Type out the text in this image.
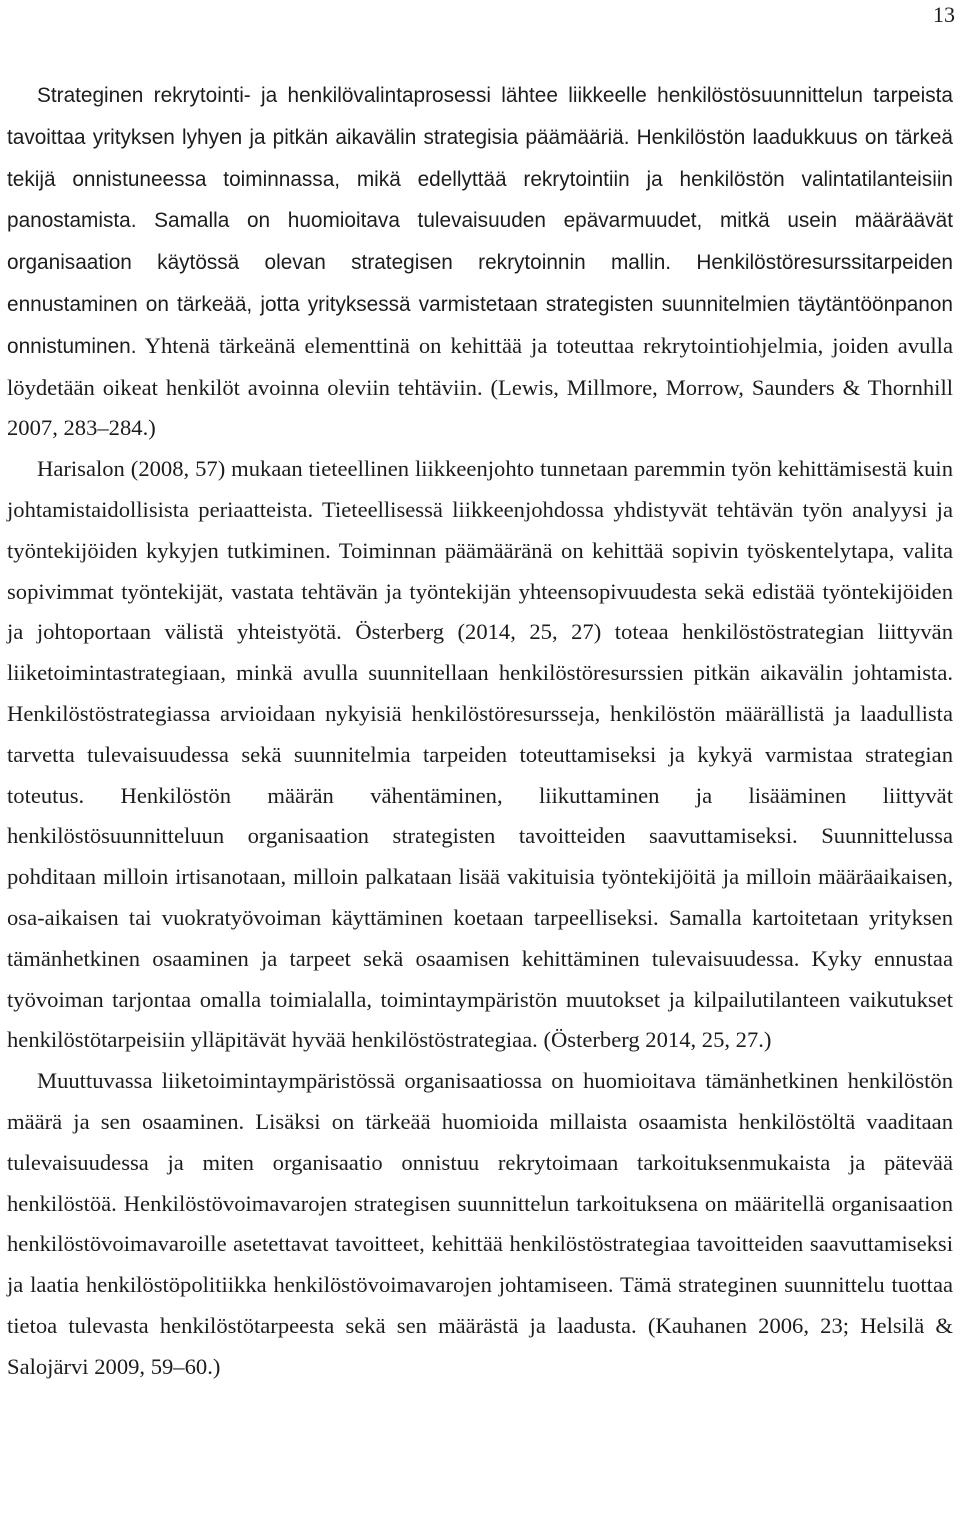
13

Strateginen rekrytointi- ja henkilövalintaprosessi lähtee liikkeelle henkilöstösuunnittelun tarpeista tavoittaa yrityksen lyhyen ja pitkän aikavälin strategisia päämääriä. Henkilöstön laadukkuus on tärkeä tekijä onnistuneessa toiminnassa, mikä edellyttää rekrytointiin ja henkilöstön valintatilanteisiin panostamista. Samalla on huomioitava tulevaisuuden epävarmuudet, mitkä usein määräävät organisaation käytössä olevan strategisen rekrytoinnin mallin. Henkilöstöresurssitarpeiden ennustaminen on tärkeää, jotta yrityksessä varmistetaan strategisten suunnitelmien täytäntöönpanon onnistuminen. Yhtenä tärkeänä elementtinä on kehittää ja toteuttaa rekrytointiohjelmia, joiden avulla löydetään oikeat henkilöt avoinna oleviin tehtäviin. (Lewis, Millmore, Morrow, Saunders & Thornhill 2007, 283–284.)

Harisalon (2008, 57) mukaan tieteellinen liikkeenjohto tunnetaan paremmin työn kehittämisestä kuin johtamistaidollisista periaatteista. Tieteellisessä liikkeenjohdossa yhdistyvät tehtävän työn analyysi ja työntekijöiden kykyjen tutkiminen. Toiminnan päämääränä on kehittää sopivin työskentelytapa, valita sopivimmat työntekijät, vastata tehtävän ja työntekijän yhteensopivuudesta sekä edistää työntekijöiden ja johtoportaan välistä yhteistyötä. Österberg (2014, 25, 27) toteaa henkilöstöstrategian liittyvän liiketoimintastrategiaan, minkä avulla suunnitellaan henkilöstöresurssien pitkän aikavälin johtamista. Henkilöstöstrategiassa arvioidaan nykyisiä henkilöstöresursseja, henkilöstön määrällistä ja laadullista tarvetta tulevaisuudessa sekä suunnitelmia tarpeiden toteuttamiseksi ja kykyä varmistaa strategian toteutus. Henkilöstön määrän vähentäminen, liikuttaminen ja lisääminen liittyvät henkilöstösuunnitteluun organisaation strategisten tavoitteiden saavuttamiseksi. Suunnittelussa pohditaan milloin irtisanotaan, milloin palkataan lisää vakituisia työntekijöitä ja milloin määräaikaisen, osa-aikaisen tai vuokratyövoiman käyttäminen koetaan tarpeelliseksi. Samalla kartoitetaan yrityksen tämänhetkinen osaaminen ja tarpeet sekä osaamisen kehittäminen tulevaisuudessa. Kyky ennustaa työvoiman tarjontaa omalla toimialalla, toimintaympäristön muutokset ja kilpailutilanteen vaikutukset henkilöstötarpeisiin ylläpitävät hyvää henkilöstöstrategiaa. (Österberg 2014, 25, 27.)

Muuttuvassa liiketoimintaympäristössä organisaatiossa on huomioitava tämänhetkinen henkilöstön määrä ja sen osaaminen. Lisäksi on tärkeää huomioida millaista osaamista henkilöstöltä vaaditaan tulevaisuudessa ja miten organisaatio onnistuu rekrytoimaan tarkoituksenmukaista ja pätevää henkilöstöä. Henkilöstövoimavarojen strategisen suunnittelun tarkoituksena on määritellä organisaation henkilöstövoimavaroille asetettavat tavoitteet, kehittää henkilöstöstrategiaa tavoitteiden saavuttamiseksi ja laatia henkilöstöpolitiikka henkilöstövoimavarojen johtamiseen. Tämä strateginen suunnittelu tuottaa tietoa tulevasta henkilöstötarpeesta sekä sen määrästä ja laadusta. (Kauhanen 2006, 23; Helsilä & Salojärvi 2009, 59–60.)
